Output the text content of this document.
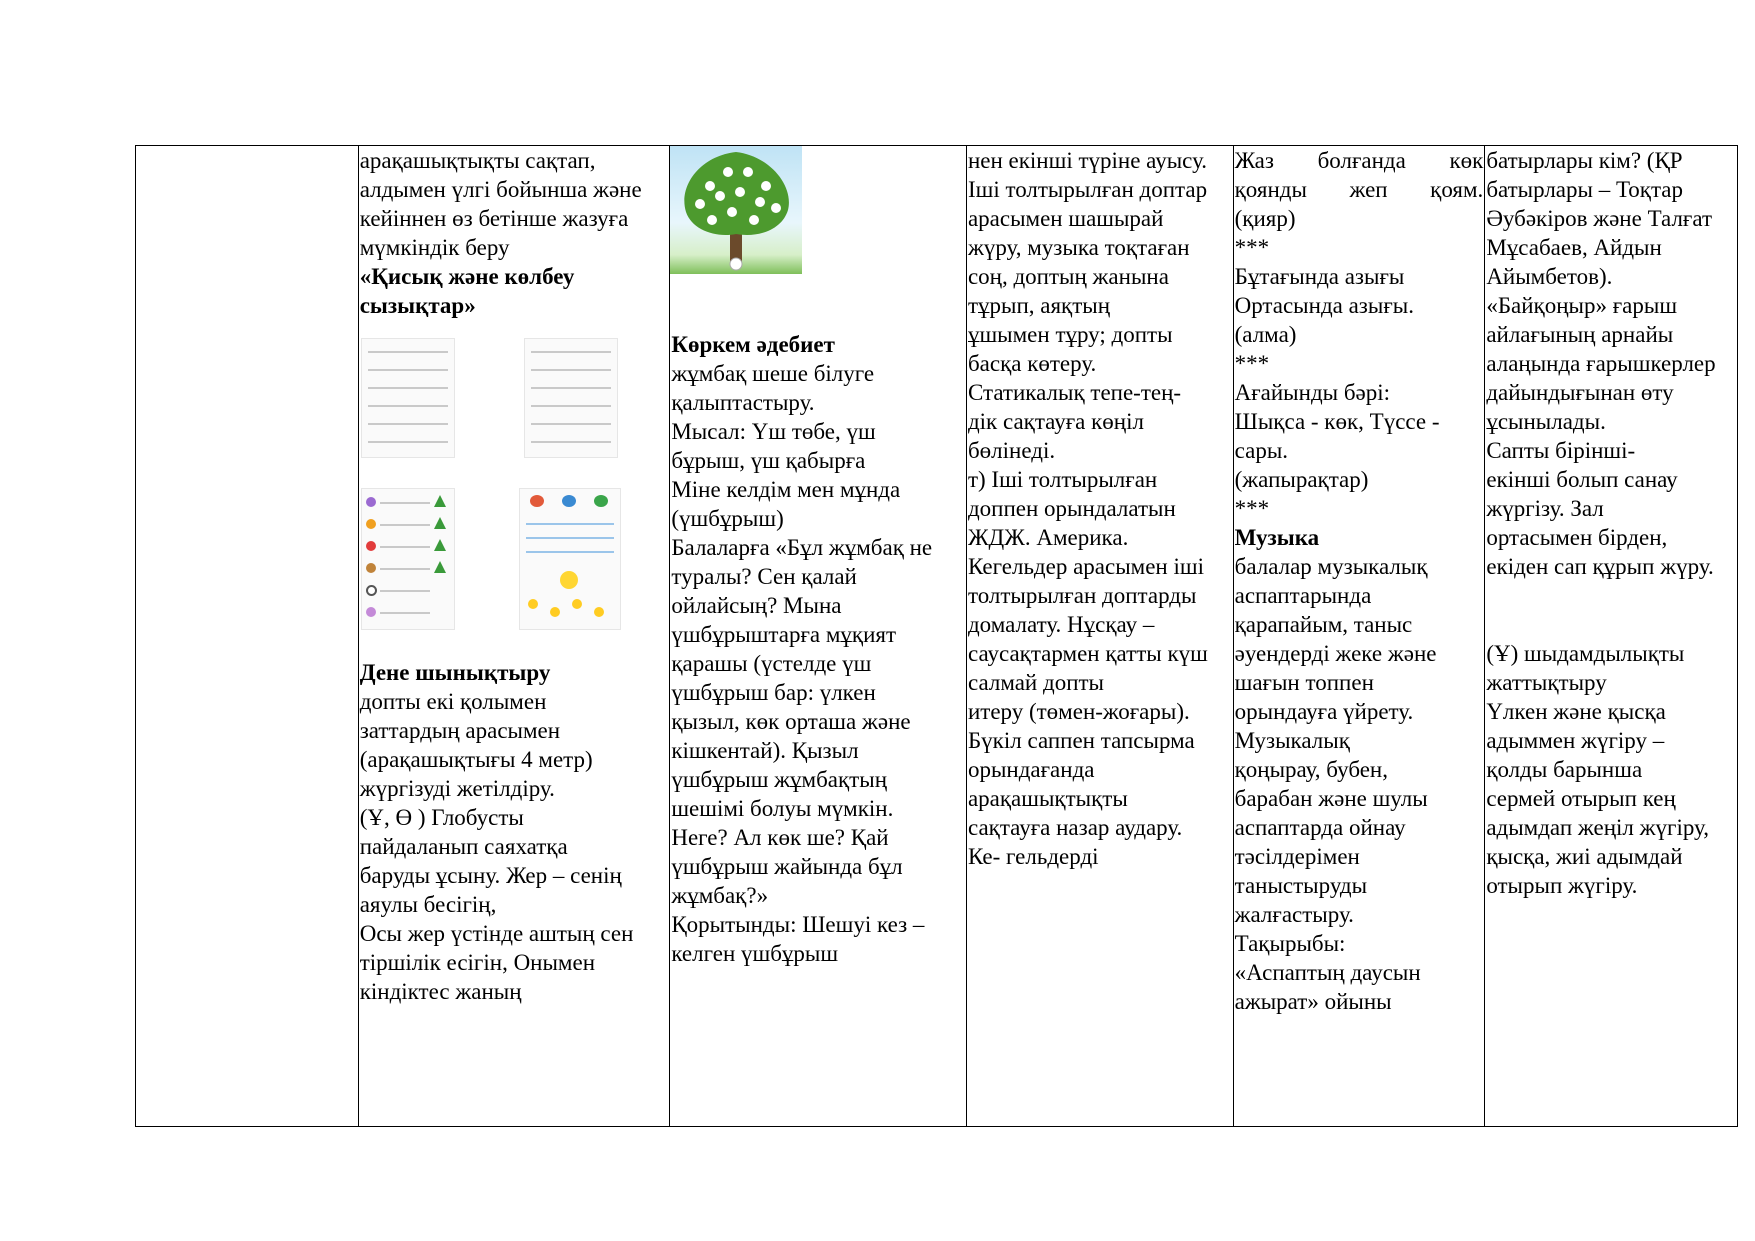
арақашықтықты сақтап,
алдымен үлгі бойынша және
кейіннен өз бетінше жазуға
мүмкіндік беру
«Қисық және көлбеу
сызықтар»
Дене шынықтыру
допты екі қолымен
заттардың арасымен
(арақашықтығы 4 метр)
жүргізуді жетілдіру.
(Ұ, Ө ) Глобусты
пайдаланып саяхатқа
баруды ұсыну. Жер – сенің
аяулы бесігің,
Осы жер үстінде аштың сен
тіршілік есігін, Онымен
кіндіктес жаның
Көркем әдебиет
жұмбақ шеше білуге
қалыптастыру.
Мысал: Үш төбе, үш
бұрыш, үш қабырға
Міне келдім мен мұнда
(үшбұрыш)
Балаларға «Бұл жұмбақ не
туралы? Сен қалай
ойлайсың? Мына
үшбұрыштарға мұқият
қарашы (үстелде үш
үшбұрыш бар: үлкен
қызыл, көк орташа және
кішкентай). Қызыл
үшбұрыш жұмбақтың
шешімі болуы мүмкін.
Неге? Ал көк ше? Қай
үшбұрыш жайында бұл
жұмбақ?»
Қорытынды: Шешуі кез –
келген үшбұрыш
нен екінші түріне ауысу.
Іші толтырылған доптар
арасымен шашырай
жүру, музыка тоқтаған
соң, доптың жанына
тұрып, аяқтың
ұшымен тұру; допты
басқа көтеру.
Статикалық тепе-тең-
дік сақтауға көңіл
бөлінеді.
т) Іші толтырылған
доппен орындалатын
ЖДЖ. Америка.
Кегельдер арасымен іші
толтырылған доптарды
домалату. Нұсқау –
саусақтармен қатты күш
салмай допты
итеру (төмен-жоғары).
Бүкіл саппен тапсырма
орындағанда
арақашықтықты
сақтауға назар аудару.
Ке- гельдерді
Жаз болғанда көк
қоянды жеп қоям.
(қияр)
***
Бұтағында азығы
Ортасында азығы.
(алма)
***
Ағайынды бәрі:
Шықса - көк, Түссе -
сары.
(жапырақтар)
***
Музыка
балалар музыкалық
аспаптарында
қарапайым, таныс
әуендерді жеке және
шағын топпен
орындауға үйрету.
Музыкалық
қоңырау, бубен,
барабан және шулы
аспаптарда ойнау
тәсілдерімен
таныстыруды
жалғастыру.
Тақырыбы:
«Аспаптың даусын
ажырат» ойыны
батырлары кім? (ҚР
батырлары – Тоқтар
Әубәкіров және Талғат
Мұсабаев, Айдын
Айымбетов).
«Байқоңыр» ғарыш
айлағының арнайы
алаңында ғарышкерлер
дайындығынан өту
ұсынылады.
Сапты бірінші-
екінші болып санау
жүргізу. Зал
ортасымен бірден,
екіден сап құрып жүру.
(Ұ) шыдамдылықты
жаттықтыру
Үлкен және қысқа
адыммен жүгіру –
қолды барынша
сермей отырып кең
адымдап жеңіл жүгіру,
қысқа, жиі адымдай
отырып жүгіру.
